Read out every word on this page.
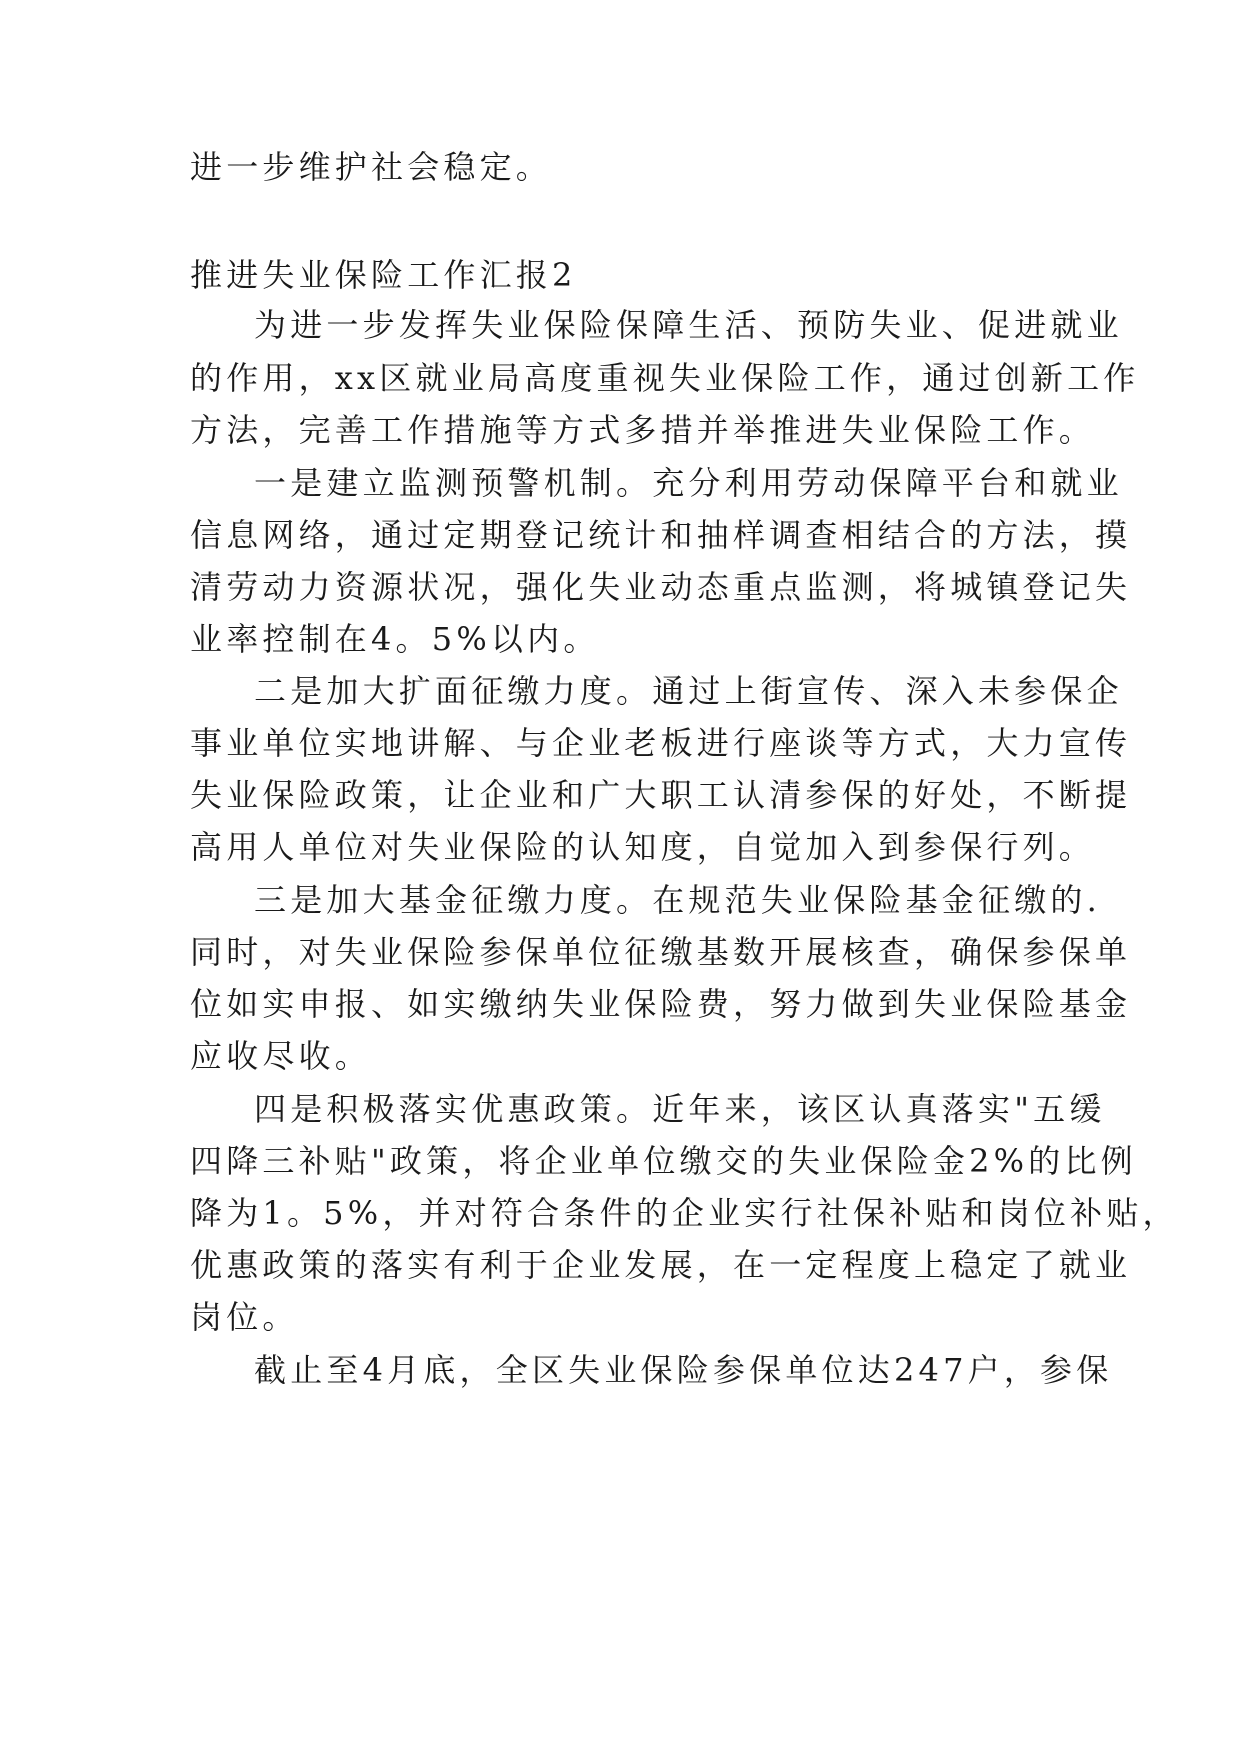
进一步维护社会稳定。
推进失业保险工作汇报2
为进一步发挥失业保险保障生活、预防失业、促进就业
的作用，xx区就业局高度重视失业保险工作，通过创新工作
方法，完善工作措施等方式多措并举推进失业保险工作。
一是建立监测预警机制。充分利用劳动保障平台和就业
信息网络，通过定期登记统计和抽样调查相结合的方法，摸
清劳动力资源状况，强化失业动态重点监测，将城镇登记失
业率控制在4。5%以内。
二是加大扩面征缴力度。通过上街宣传、深入未参保企
事业单位实地讲解、与企业老板进行座谈等方式，大力宣传
失业保险政策，让企业和广大职工认清参保的好处，不断提
高用人单位对失业保险的认知度，自觉加入到参保行列。
三是加大基金征缴力度。在规范失业保险基金征缴的.
同时，对失业保险参保单位征缴基数开展核查，确保参保单
位如实申报、如实缴纳失业保险费，努力做到失业保险基金
应收尽收。
四是积极落实优惠政策。近年来，该区认真落实"五缓
四降三补贴"政策，将企业单位缴交的失业保险金2%的比例
降为1。5%，并对符合条件的企业实行社保补贴和岗位补贴，
优惠政策的落实有利于企业发展，在一定程度上稳定了就业
岗位。
截止至4月底，全区失业保险参保单位达247户，参保
